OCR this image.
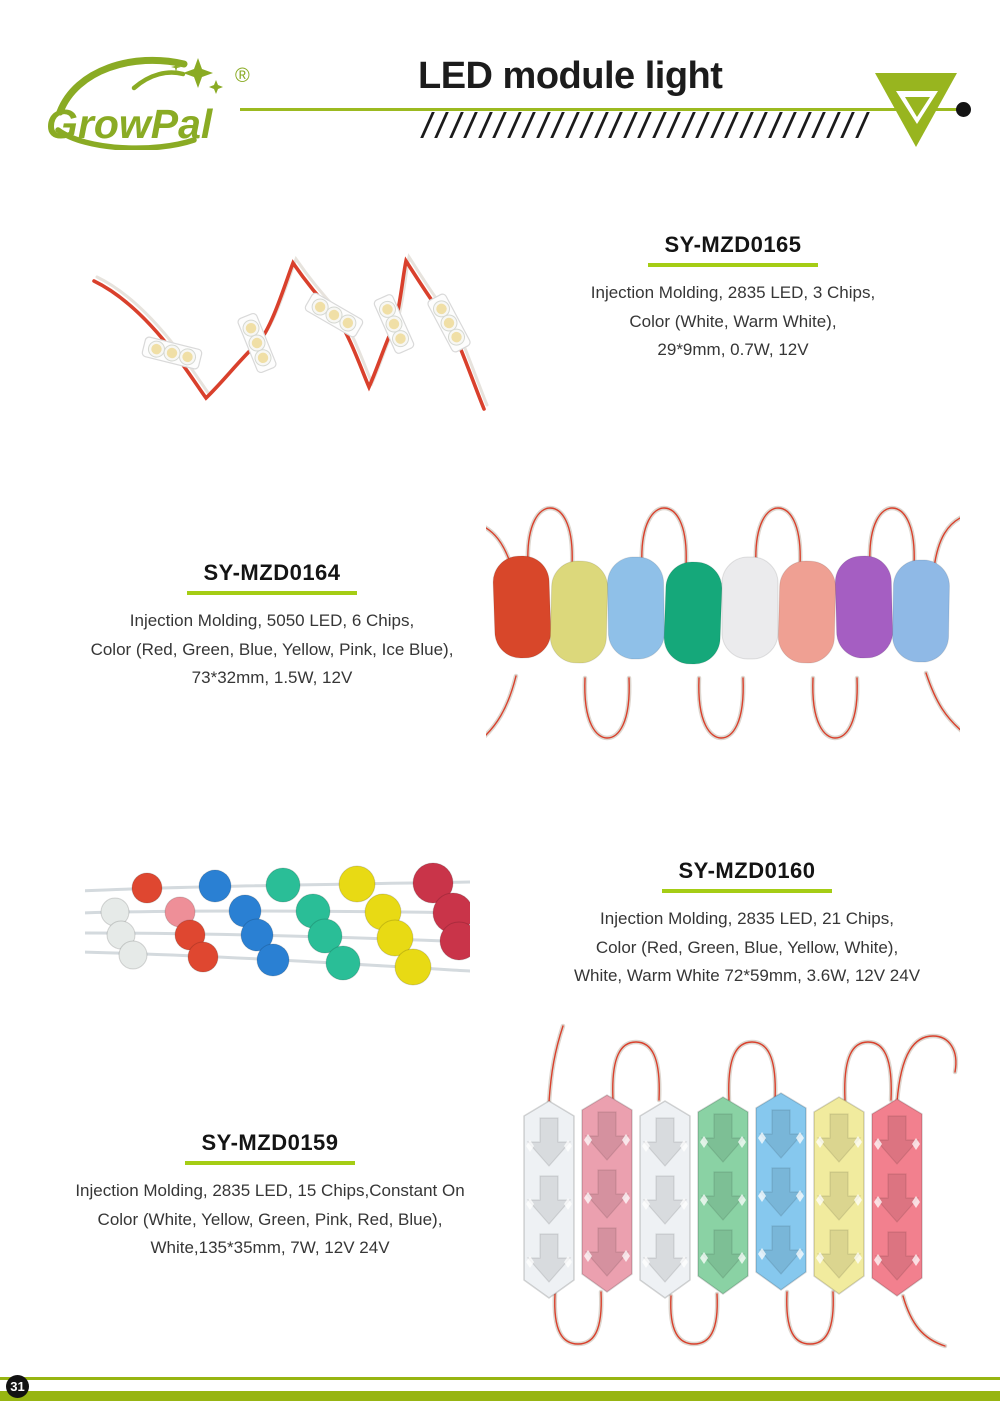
GrowPal
®	LED module light
SY-MZD0165
Injection Molding, 2835 LED, 3 Chips,
Color (White, Warm White),
29*9mm, 0.7W, 12V
SY-MZD0164
Injection Molding, 5050 LED, 6 Chips,
Color (Red, Green, Blue, Yellow, Pink, Ice Blue),
73*32mm, 1.5W, 12V
SY-MZD0160
Injection Molding, 2835 LED, 21 Chips,
Color (Red, Green, Blue, Yellow, White),
White, Warm White 72*59mm, 3.6W, 12V 24V
SY-MZD0159
Injection Molding, 2835 LED, 15 Chips,Constant On
Color (White, Yellow, Green, Pink, Red, Blue),
White,135*35mm, 7W, 12V 24V
31
